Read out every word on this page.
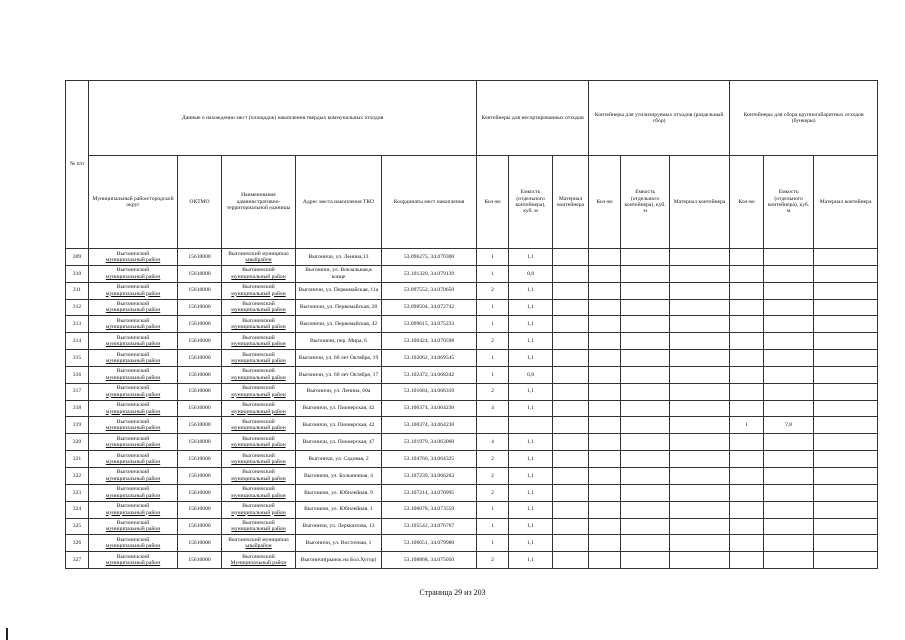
№ п/п	Данные о нахождении мест (площадок) накопления твердых коммунальных отходов					Контейнеры для несортированных отходов			Контейнеры для утилизируемых отходов (раздельный сбор)			Контейнеры для сбора крупногабаритных отходов (бункеры)		
	Муниципальный район/городской округ	ОКТМО	Наименование административно-территориальной единицы	Адрес места накопления ТКО	Координаты мест накопления	Кол-во	Емкость (отдельного контейнера), куб. м	Материал контейнера	Кол-во	Емкость (отдельного контейнера), куб. м	Материал контейнера	Кол-во	Емкость (отдельного контейнера), куб. м	Материал контейнера
309	Выгоничский
муниципальный район	15610000	Выгоничский муниципал
ьныйрайон	Выгоничи, ул. Ленина,13	53.096275, 34.070300	1	1,1							
310	Выгоничский
муниципальный район	15610000	Выгоничский
муниципальный район	Выгоничи, ул. Вокзальная,в конце	53.101320, 34.079139	1	0,8							
311	Выгоничский
муниципальный район	15610000	Выгоничский
муниципальный район	Выгоничи, ул. Первомайская, 11а	53.097552, 34.070650	2	1,1							
312	Выгоничский
муниципальный район	15610000	Выгоничский
муниципальный район	Выгоничи, ул. Первомайская, 28	53.098504, 34.072742	1	1,1							
313	Выгоничский
муниципальный район	15610000	Выгоничский
муниципальный район	Выгоничи, ул. Первомайская, 42	53.099615, 34.075233	1	1,1							
314	Выгоничский
муниципальный район	15610000	Выгоничский
муниципальный район	Выгоничи, пер. Мира, 6	53.100424, 34.070598	2	1,1							
315	Выгоничский
муниципальный район	15610000	Выгоничский
муниципальный район	Выгоничи, ул. 60 лет Октября, 19	53.102062, 34.069545	1	1,1							
316	Выгоничский
муниципальный район	15610000	Выгоничский
муниципальный район	Выгоничи, ул. 60 лет Октября, 17	53.102472, 34.068242	1	0,8							
317	Выгоничский
муниципальный район	15610000	Выгоничский
муниципальный район	Выгоничи, ул. Ленина, 60а	53.101684, 34.066310	2	1,1							
318	Выгоничский
муниципальный район	15610000	Выгоничский
муниципальный район	Выгоничи, ул. Пионерская, 42	53.100374, 34.064230	4	1,1							
319	Выгоничский
муниципальный район	15610000	Выгоничский
муниципальный район	Выгоничи, ул. Пионерская, 42	53.100374, 34.064230							1	7,8	
320	Выгоничский
муниципальный район	15610000	Выгоничский
муниципальный район	Выгоничи, ул. Пионерская, 47	53.101979, 34.063060	4	1,1							
321	Выгоничский
муниципальный район	15610000	Выгоничский
муниципальный район	Выгоничи, ул. Садовая, 2	53.104766, 34.064325	2	1,1							
322	Выгоничский
муниципальный район	15610000	Выгоничский
муниципальный район	Выгоничи, ул. Больничная, 4	53.107239, 34.066203	2	1,1							
323	Выгоничский
муниципальный район	15610000	Выгоничский
муниципальный район	Выгоничи, ул. Юбилейная, 9	53.107214, 34.070995	2	1,1							
324	Выгоничский
муниципальный район	15610000	Выгоничский
муниципальный район	Выгоничи, ул. Юбилейная, 1	53.106078, 34.073559	1	1,1							
325	Выгоничский
муниципальный район	15610000	Выгоничский
муниципальный район	Выгоничи, ул. Лермонтова, 13	53.105542, 34.076767	1	1,1							
326	Выгоничский
муниципальный район	15610000	Выгоничский муниципал
ьныйрайон	Выгоничи, ул. Восточная, 1	53.106651, 34.079980	1	1,1							
327	Выгоничский
муниципальный район	15610000	Выгоничский
Муниципальный район	Выгоничи(рынок на Бол.Хутор)	53.108868, 34.075050	2	1,1							
Страница 29 из 203
